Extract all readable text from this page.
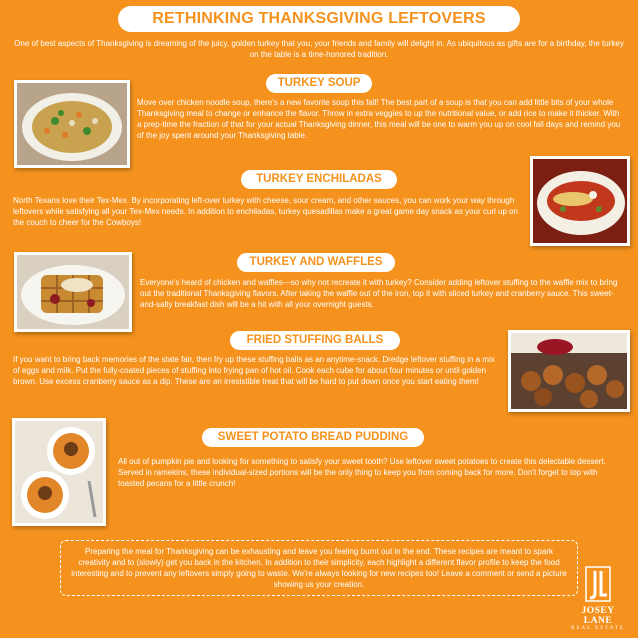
RETHINKING THANKSGIVING LEFTOVERS

One of best aspects of Thanksgiving is dreaming of the juicy, golden turkey that you, your friends and family will delight in. As ubiquitous as gifts are for a birthday, the turkey on the table is a time-honored tradition.

TURKEY SOUP

Move over chicken noodle soup, there's a new favorite soup this fall! The best part of a soup is that you can add little bits of your whole Thanksgiving meal to change or enhance the flavor. Throw in extra veggies to up the nutritional value, or add rice to make it thicker. With a prep-time the fraction of that for your actual Thanksgiving dinner, this meal will be one to warm you up on cool fall days and remind you of the joy spent around your Thanksgiving table.

TURKEY ENCHILADAS

North Texans love their Tex-Mex. By incorporating left-over turkey with cheese, sour cream, and other sauces, you can work your way through leftovers while satisfying all your Tex-Mex needs. In addition to enchiladas, turkey quesadillas make a great game day snack as your curl up on the couch to cheer for the Cowboys!

TURKEY AND WAFFLES

Everyone's heard of chicken and waffles—so why not recreate it with turkey? Consider adding leftover stuffing to the waffle mix to bring out the traditional Thanksgiving flavors. After taking the waffle out of the iron, top it with sliced turkey and cranberry sauce. This sweet-and-salty breakfast dish will be a hit with all your overnight guests.

FRIED STUFFING BALLS

If you want to bring back memories of the state fair, then fry up these stuffing balls as an anytime-snack. Dredge leftover stuffing in a mix of eggs and milk. Put the fully-coated pieces of stuffing into frying pan of hot oil. Cook each cube for about four minutes or until golden brown. Use excess cranberry sauce as a dip. These are an irresistible treat that will be hard to put down once you start eating them!

SWEET POTATO BREAD PUDDING

All out of pumpkin pie and looking for something to satisfy your sweet tooth? Use leftover sweet potatoes to create this delectable dessert. Served in ramekins, these individual-sized portions will be the only thing to keep you from coming back for more. Don't forget to top with toasted pecans for a little crunch!

Preparing the meal for Thanksgiving can be exhausting and leave you feeling burnt out in the end. These recipes are meant to spark creativity and to (slowly) get you back in the kitchen. In addition to their simplicity, each highlight a different flavor profile to keep the food interesting and to prevent any leftovers simply going to waste. We're always looking for new recipes too! Leave a comment or send a picture showing us your creation.

JOSEY LANE
REAL ESTATE
